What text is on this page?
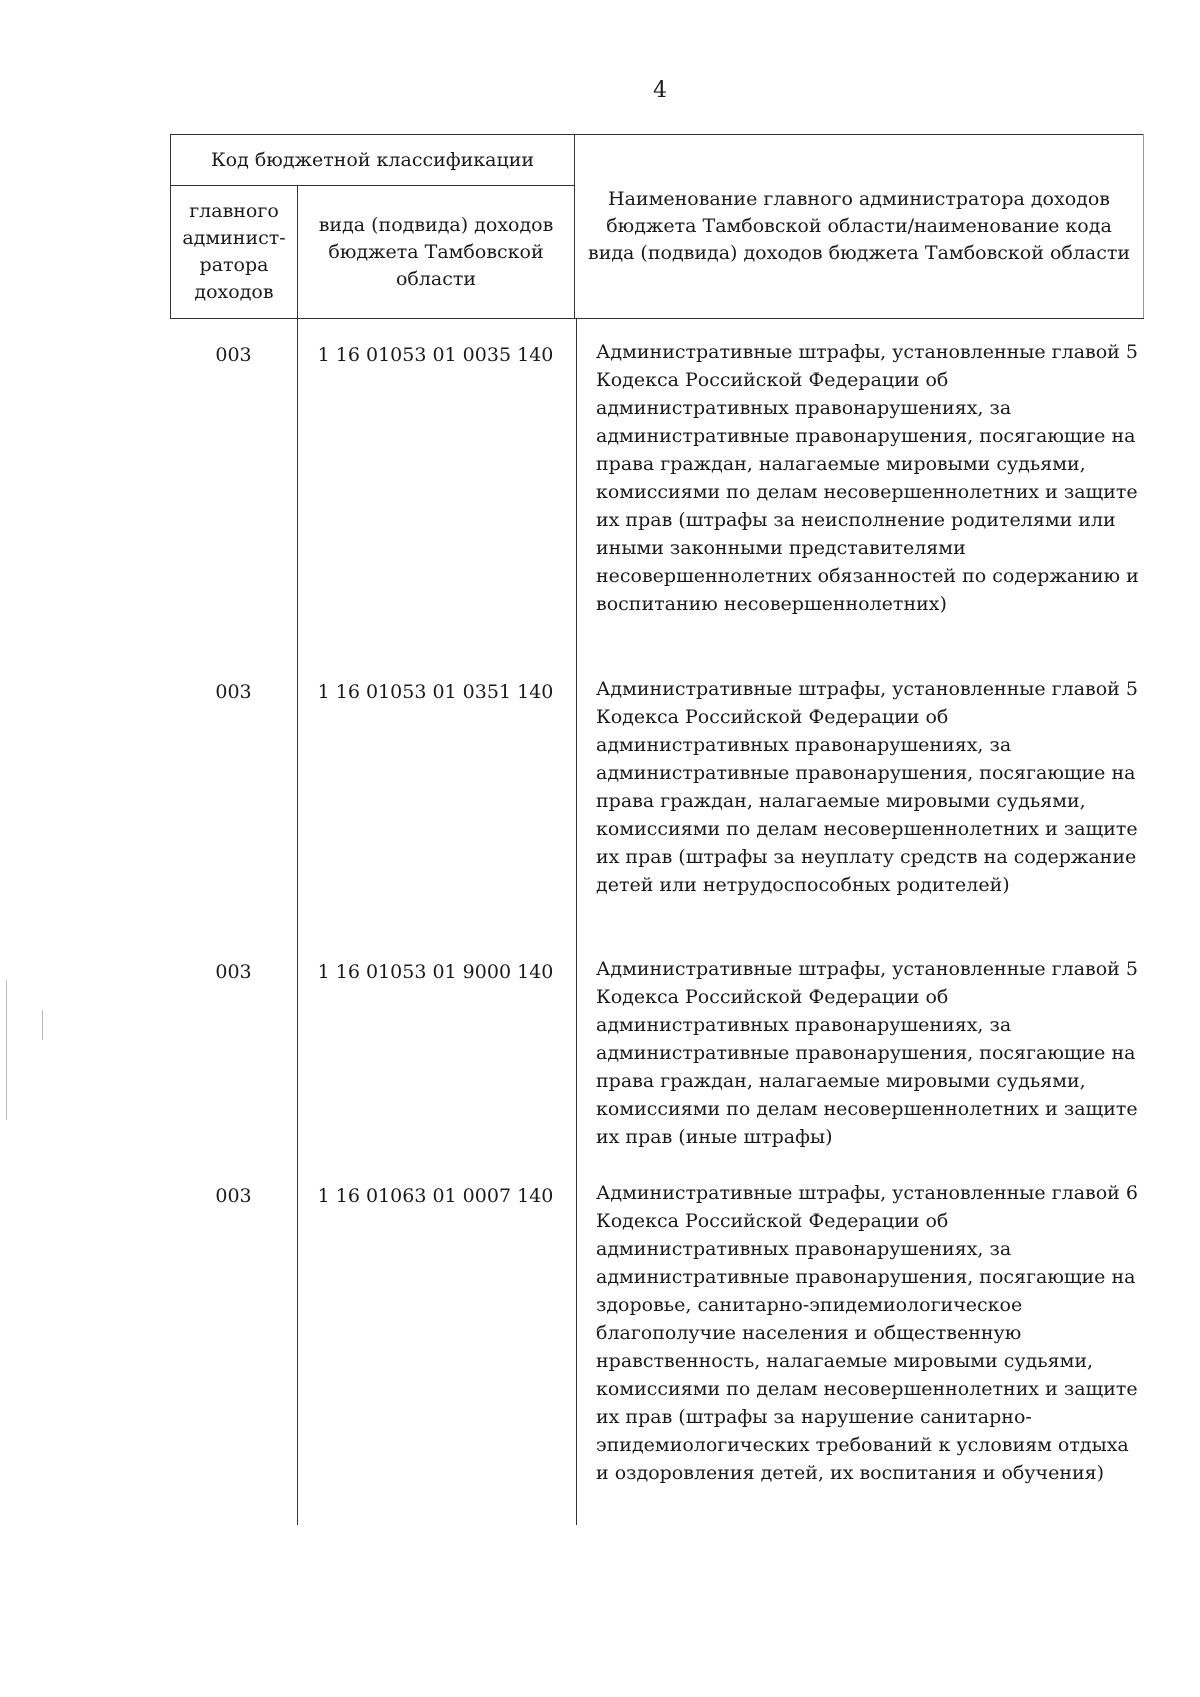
4
Код бюджетной классификации		Наименование главного администратора доходов бюджета Тамбовской области/наименование кода вида (подвида) доходов бюджета Тамбовской области
главного админист-ратора доходов	вида (подвида) доходов бюджета Тамбовской области	
003	1 16 01053 01 0035 140	Административные штрафы, установленные главой 5 Кодекса Российской Федерации об административных правонарушениях, за административные правонарушения, посягающие на права граждан, налагаемые мировыми судьями, комиссиями по делам несовершеннолетних и защите их прав (штрафы за неисполнение родителями или иными законными представителями несовершеннолетних обязанностей по содержанию и воспитанию несовершеннолетних)
003	1 16 01053 01 0351 140	Административные штрафы, установленные главой 5 Кодекса Российской Федерации об административных правонарушениях, за административные правонарушения, посягающие на права граждан, налагаемые мировыми судьями, комиссиями по делам несовершеннолетних и защите их прав (штрафы за неуплату средств на содержание детей или нетрудоспособных родителей)
003	1 16 01053 01 9000 140	Административные штрафы, установленные главой 5 Кодекса Российской Федерации об административных правонарушениях, за административные правонарушения, посягающие на права граждан, налагаемые мировыми судьями, комиссиями по делам несовершеннолетних и защите их прав (иные штрафы)
003	1 16 01063 01 0007 140	Административные штрафы, установленные главой 6 Кодекса Российской Федерации об административных правонарушениях, за административные правонарушения, посягающие на здоровье, санитарно-эпидемиологическое благополучие населения и общественную нравственность, налагаемые мировыми судьями, комиссиями по делам несовершеннолетних и защите их прав (штрафы за нарушение санитарно-эпидемиологических требований к условиям отдыха и оздоровления детей, их воспитания и обучения)
